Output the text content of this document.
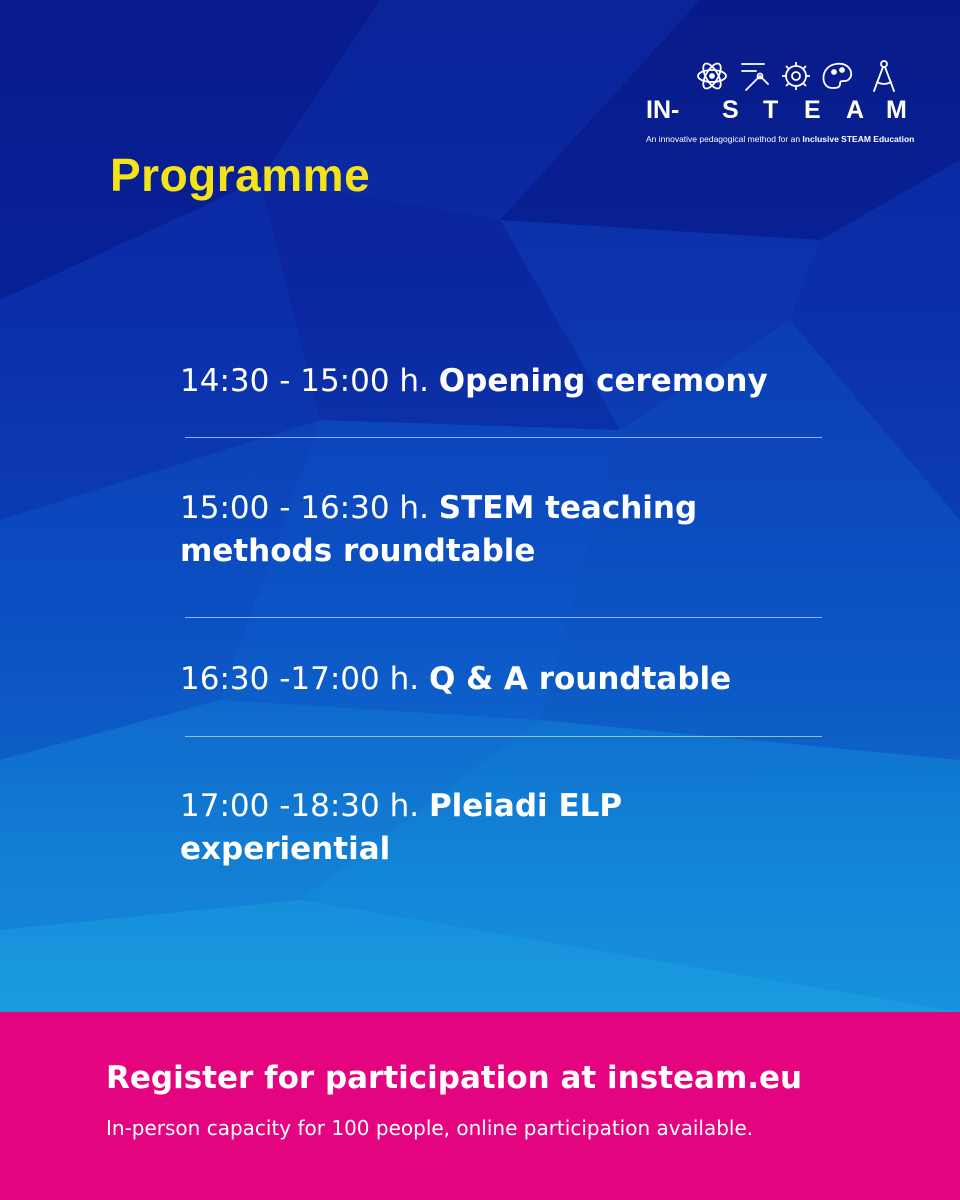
IN- S T E A M
An innovative pedagogical method for an Inclusive STEAM Education
Programme
14:30 - 15:00 h. Opening ceremony
15:00 - 16:30 h. STEM teaching
methods roundtable
16:30 -17:00 h. Q & A roundtable
17:00 -18:30 h. Pleiadi ELP
experiential
Register for participation at insteam.eu
In-person capacity for 100 people, online participation available.
